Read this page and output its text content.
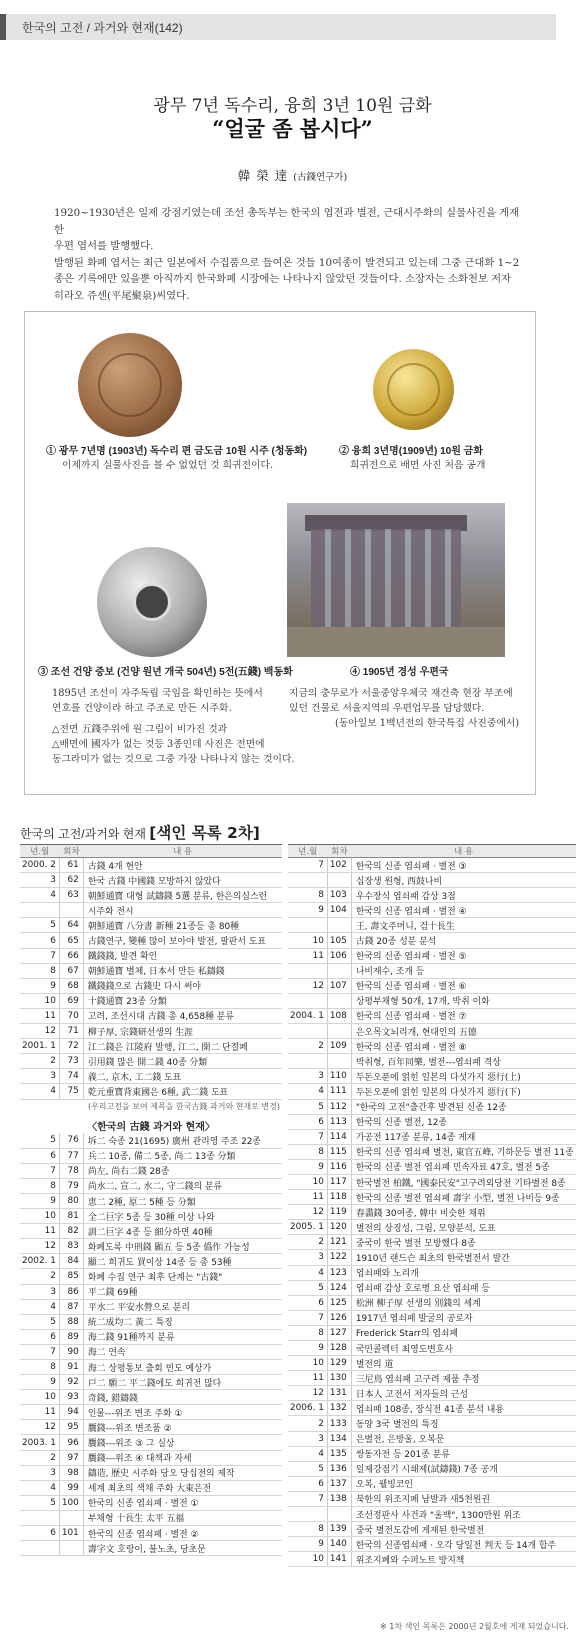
한국의 고전 / 과거와 현재(142)
광무 7년 독수리, 융희 3년 10원 금화
“얼굴 좀 봅시다”
韓 榮 達 (古錢연구가)

1920~1930년은 일제 강점기였는데 조선 총독부는 한국의 엽전과 별전, 근대시주화의 실물사진을 게재한

우편 엽서를 발행했다.

발행된 화폐 엽서는 최근 일본에서 수집품으로 들여온 것들 10여종이 발견되고 있는데 그중 근대화 1~2

종은 기록에만 있을뿐 아직까지 한국화폐 시장에는 나타나지 않았던 것들이다. 소장자는 소화천보 저자

히라오 쥬센(平尾聚泉)씨였다.

① 광무 7년명 (1903년) 독수리 편 금도금 10원 시주 (청동화)
이제까지 실물사진을 볼 수 없었던 것 희귀전이다.
② 융희 3년명(1909년) 10원 금화
희귀전으로 배면 사진 처음 공개
③ 조선 건양 중보 (건양 원년 개국 504년) 5전(五錢) 백동화
1895년 조선이 자주독립 국임을 확인하는 뜻에서
연호를 건양이라 하고 주조로 만든 시주화.
△전면 五錢주위에 원 그림이 비가진 것과
△배면에 國자가 없는 것등 3종인데 사진은 전면에
동그라미가 없는 것으로 그중 가장 나타나지 않는 것이다.
④ 1905년 경성 우편국
지금의 충무로가 서울중앙우체국 재건축 현장 부조에
있던 건물로 서울지역의 우편업무를 담당했다.
(동아일보 1백년전의 한국특집 사진중에서)
한국의 고전/과거와 현재 [색인 목록 2차]
년.월	회차	내 용
2000. 2	61	古錢 4개 현안
3	62	한국 古錢 中國錢 모방하지 않았다
4	63	朝鮮通寶 대형 試鑄錢 5選 분류, 한은의심스런
		시주화 전시
5	64	朝鮮通寶 八分書 新種 21종등 총 80種
6	65	古錢연구, 變種 많이 보아야 발전, 팔판서 도표
7	66	鐵錢錢, 발견 확인
8	67	朝鮮通寶 별체, 日本서 만든 私鑄錢
9	68	鐵錢錢으로 古錢史 다시 써야
10	69	十錢通寶 23종 分類
11	70	고려, 조선시대 古錢 총 4,658種 분류
12	71	柳子厚, 宗錢研선생의 生涯
2001. 1	72	江二錢은 江陵府 발행, 江二, 開二 단절페
2	73	引用錢 많은 開二錢 40종 分類
3	74	義二, 京木, 工二錢 도표
4	75	乾元重寶背東國은 6種, 武二錢 도표
(우리고전을 보여 제목을 한국古錢 과거와 현재로 변경)		
〈한국의 古錢 과거와 현재〉		
5	76	坼二 숙종 21(1695) 廣州 관리영 주조 22종
6	77	兵二 10종, 備二 5종, 尚二 13종 分類
7	78	尚左, 尚右二錢 28종
8	79	尚水二, 宣二, 水二, 守二錢의 분류
9	80	恵二 2種, 原二 5種 등 分類
10	81	全二巨字 5종 등 30種 이상 나와
11	82	訓二巨字 4종 등 細分하면 40種
12	83	화폐도록 中刑錢 顯五 등 5종 僞作 가능성
2002. 1	84	顯二 희귀도 買이상 14종 등 총 53種
2	85	화폐 수집 연구 최후 단계는 "古錢"
3	86	平二錢 69種
4	87	平水二 平安水營으로 분리
5	88	統二成均二 黃二 특징
6	89	海二錢 91種까지 분류
7	90	海二 연속
8	91	海二 상평통보 출회 빈도 예상가
9	92	戸二 願二 平二錢에도 희귀전 많다
10	93	奇錢, 錯鑄錢
11	94	인물---위조 변조 주화 ①
12	95	贋錢---위조 변조품 ②
2003. 1	96	贋錢---위조 ③ 그 실상
2	97	贋錢---위조 ④ 대책과 자세
3	98	鑄造, 歷史 시주화 당오 당십전의 제작
4	99	세계 최초의 색채 주화 大東은전
5	100	한국의 신종 엽쇠패 · 별전 ①
		부채형 十長生 太平 五福
6	101	한국의 신종 엽쇠패 · 별전 ②
		壽字文 호랑이, 불노초, 당초문
년.월	회차	내 용
7	102	한국의 신종 엽쇠패 · 별전 ③
		십장생 원형, 西鼓나비
8	103	우수장식 엽쇠패 감상 3점
9	104	한국의 신종 엽쇠패 · 별전 ④
		王, 壽文주머니, 검十長生
10	105	古錢 20종 성분 분석
11	106	한국의 신종 엽쇠패 · 별전 ⑤
		나비재수, 조개 등
12	107	한국의 신종 엽쇠패 · 별전 ⑥
		상평부채형 50개, 17개, 박취 이화
2004. 1	108	한국의 신종 엽쇠패 · 별전 ⑦
		은오목文뇌리개, 현대인의 五德
2	109	한국의 신종 엽쇠패 · 별전 ⑧
		박취형, 百年同樂, 별전---엽쇠패 격상
3	110	두돈오푼에 얽힌 일본의 다섯가지 惡行(上)
4	111	두돈오푼에 얽힌 일본의 다섯가지 惡行(下)
5	112	"한국의 고전"출간후 발견된 신종 12종
6	113	한국의 신종 별전, 12종
7	114	가공전 117종 분류, 14종 게재
8	115	한국의 신종 엽쇠패 별전, 東官五峰, 기하문등 별전 11종
9	116	한국의 신종 별전 엽쇠패 민속자료 47호, 별전 5종
10	117	한국별전 柏鐵, "國泰民安"고구려외당전 기타별전 8종
11	118	한국의 신종 별전 엽쇠패 壽字 小型, 별전 나비등 9종
12	119	春畵錢 30여종, 韓中 비슷한 채위
2005. 1	120	별전의 상징성, 그림, 모양분석, 도표
2	121	중국이 한국 별전 모방했다 8종
3	122	1910년 랜드슨 최초의 한국별전서 발간
4	123	엽쇠패와 노리개
5	124	엽쇠패 감상 호로병 요산 엽쇠패 등
6	125	松洲 柳子厚 선생의 別錢의 세계
7	126	1917년 엽쇠패 발굴의 공로자
8	127	Frederick Starr의 엽쇠패
9	128	국민콜렉터 최영도변호사
10	129	별전의 道
11	130	三尼鳥 엽쇠패 고구려 제품 추정
12	131	日本人 고전서 저자들의 근성
2006. 1	132	엽쇠패 108종, 장식전 41종 분석 내용
2	133	동양 3국 별전의 특징
3	134	은별전, 은방울, 오복문
4	135	쌍동자전 등 201종 분류
5	136	일제강점기 시쇄제(試鑄錢) 7종 공개
6	137	오복, 웰빙코인
7	138	북한의 위조지폐 남발과 새5천원권
		조선정판사 사건과 "울백", 1300만원 위조
8	139	중국 별전도감에 게재된 한국별전
9	140	한국의 신종엽쇠패 · 오각 당일전 判天 등 14개 합주
10	141	위조지폐와 수퍼노트 방지책
※ 1차 색인 목록은 2000년 2월호에 게재 되었습니다.
